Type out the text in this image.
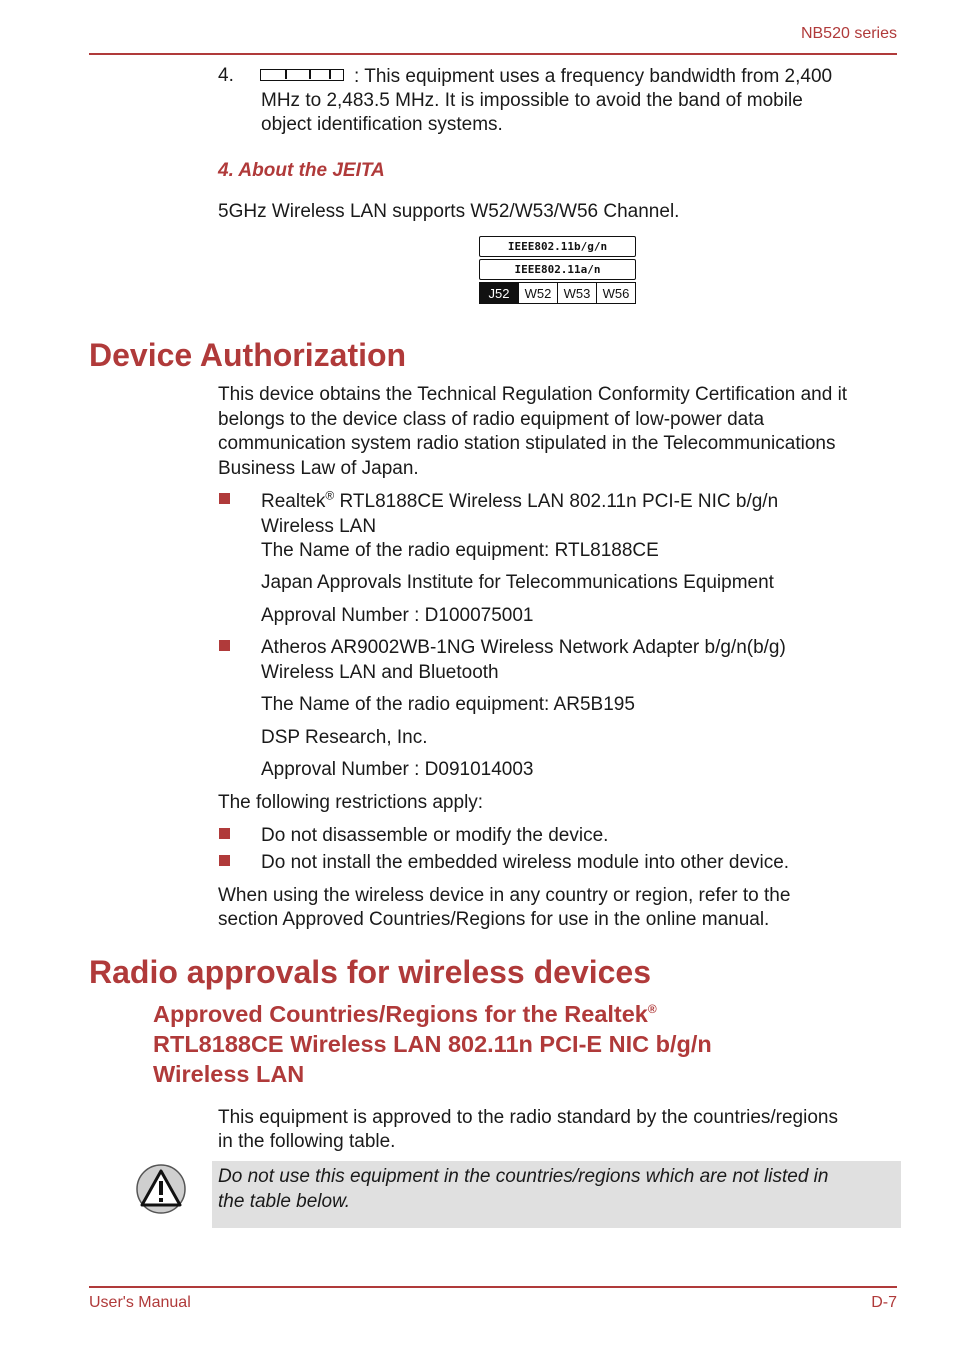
NB520 series
4.	: This equipment uses a frequency bandwidth from 2,400
MHz to 2,483.5 MHz. It is impossible to avoid the band of mobile
object identification systems.
4. About the JEITA
5GHz Wireless LAN supports W52/W53/W56 Channel.
IEEE802.11b/g/n
IEEE802.11a/n
J52	W52 W53 W56
Device Authorization
This device obtains the Technical Regulation Conformity Certification and it
belongs to the device class of radio equipment of low-power data
communication system radio station stipulated in the Telecommunications
Business Law of Japan.
Realtek® RTL8188CE Wireless LAN 802.11n PCI-E NIC b/g/n
Wireless LAN
The Name of the radio equipment: RTL8188CE
Japan Approvals Institute for Telecommunications Equipment
Approval Number : D100075001
Atheros AR9002WB-1NG Wireless Network Adapter b/g/n(b/g)
Wireless LAN and Bluetooth
The Name of the radio equipment: AR5B195
DSP Research, Inc.
Approval Number : D091014003
The following restrictions apply:
Do not disassemble or modify the device.
Do not install the embedded wireless module into other device.
When using the wireless device in any country or region, refer to the
section Approved Countries/Regions for use in the online manual.
Radio approvals for wireless devices
Approved Countries/Regions for the Realtek®
RTL8188CE Wireless LAN 802.11n PCI-E NIC b/g/n
Wireless LAN
This equipment is approved to the radio standard by the countries/regions
in the following table.
Do not use this equipment in the countries/regions which are not listed in
the table below.
User's Manual	D-7
